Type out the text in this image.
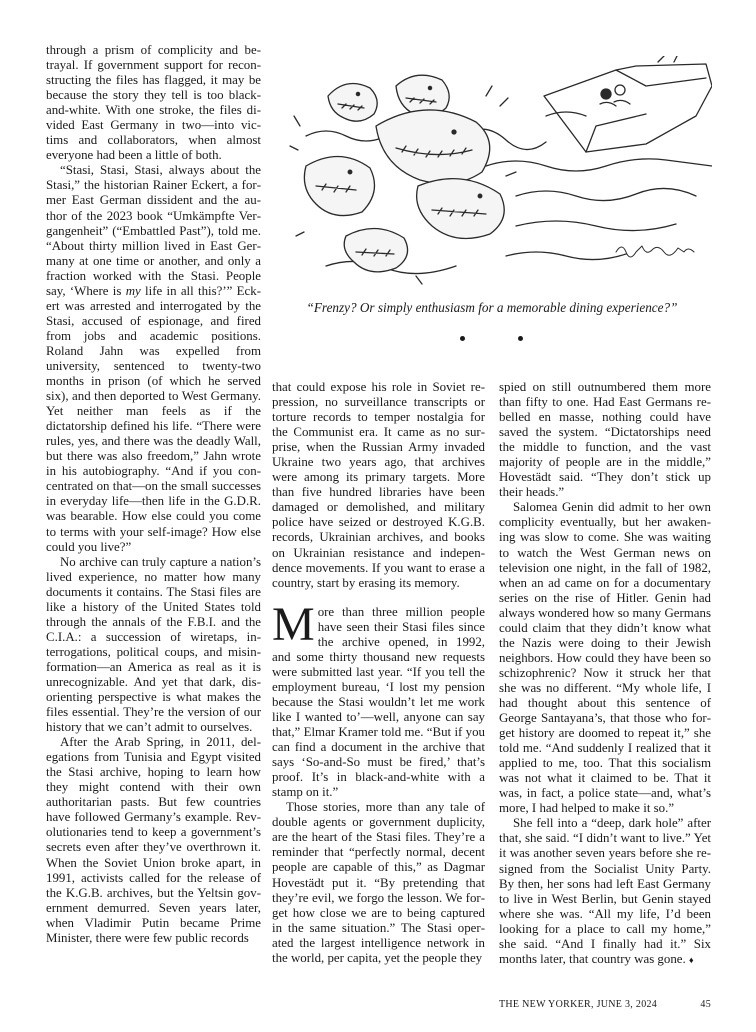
through a prism of complicity and betrayal. If government support for reconstructing the files has flagged, it may be because the story they tell is too black-and-white. With one stroke, the files divided East Germany in two—into victims and collaborators, when almost everyone had been a little of both.

“Stasi, Stasi, Stasi, always about the Stasi,” the historian Rainer Eckert, a former East German dissident and the author of the 2023 book “Umkämpfte Vergangenheit” (“Embattled Past”), told me. “About thirty million lived in East Germany at one time or another, and only a fraction worked with the Stasi. People say, ‘Where is my life in all this?’” Eckert was arrested and interrogated by the Stasi, accused of espionage, and fired from jobs and academic positions. Roland Jahn was expelled from university, sentenced to twenty-two months in prison (of which he served six), and then deported to West Germany. Yet neither man feels as if the dictatorship defined his life. “There were rules, yes, and there was the deadly Wall, but there was also freedom,” Jahn wrote in his autobiography. “And if you concentrated on that—on the small successes in everyday life—then life in the G.D.R. was bearable. How else could you come to terms with your self-image? How else could you live?”

No archive can truly capture a nation’s lived experience, no matter how many documents it contains. The Stasi files are like a history of the United States told through the annals of the F.B.I. and the C.I.A.: a succession of wiretaps, interrogations, political coups, and misinformation—an America as real as it is unrecognizable. And yet that dark, disorienting perspective is what makes the files essential. They’re the version of our history that we can’t admit to ourselves.

After the Arab Spring, in 2011, delegations from Tunisia and Egypt visited the Stasi archive, hoping to learn how they might contend with their own authoritarian pasts. But few countries have followed Germany’s example. Revolutionaries tend to keep a government’s secrets even after they’ve overthrown it. When the Soviet Union broke apart, in 1991, activists called for the release of the K.G.B. archives, but the Yeltsin government demurred. Seven years later, when Vladimir Putin became Prime Minister, there were few public records

“Frenzy? Or simply enthusiasm for a memorable dining experience?”

that could expose his role in Soviet repression, no surveillance transcripts or torture records to temper nostalgia for the Communist era. It came as no surprise, when the Russian Army invaded Ukraine two years ago, that archives were among its primary targets. More than five hundred libraries have been damaged or demolished, and military police have seized or destroyed K.G.B. records, Ukrainian archives, and books on Ukrainian resistance and independence movements. If you want to erase a country, start by erasing its memory.

More than three million people have seen their Stasi files since the archive opened, in 1992, and some thirty thousand new requests were submitted last year. “If you tell the employment bureau, ‘I lost my pension because the Stasi wouldn’t let me work like I wanted to’—well, anyone can say that,” Elmar Kramer told me. “But if you can find a document in the archive that says ‘So-and-So must be fired,’ that’s proof. It’s in black-and-white with a stamp on it.”

Those stories, more than any tale of double agents or government duplicity, are the heart of the Stasi files. They’re a reminder that “perfectly normal, decent people are capable of this,” as Dagmar Hovestädt put it. “By pretending that they’re evil, we forgo the lesson. We forget how close we are to being captured in the same situation.” The Stasi operated the largest intelligence network in the world, per capita, yet the people they

spied on still outnumbered them more than fifty to one. Had East Germans rebelled en masse, nothing could have saved the system. “Dictatorships need the middle to function, and the vast majority of people are in the middle,” Hovestädt said. “They don’t stick up their heads.”

Salomea Genin did admit to her own complicity eventually, but her awakening was slow to come. She was waiting to watch the West German news on television one night, in the fall of 1982, when an ad came on for a documentary series on the rise of Hitler. Genin had always wondered how so many Germans could claim that they didn’t know what the Nazis were doing to their Jewish neighbors. How could they have been so schizophrenic? Now it struck her that she was no different. “My whole life, I had thought about this sentence of George Santayana’s, that those who forget history are doomed to repeat it,” she told me. “And suddenly I realized that it applied to me, too. That this socialism was not what it claimed to be. That it was, in fact, a police state—and, what’s more, I had helped to make it so.”

She fell into a “deep, dark hole” after that, she said. “I didn’t want to live.” Yet it was another seven years before she resigned from the Socialist Unity Party. By then, her sons had left East Germany to live in West Berlin, but Genin stayed where she was. “All my life, I’d been looking for a place to call my home,” she said. “And I finally had it.” Six months later, that country was gone. ♦

THE NEW YORKER, JUNE 3, 2024	45
